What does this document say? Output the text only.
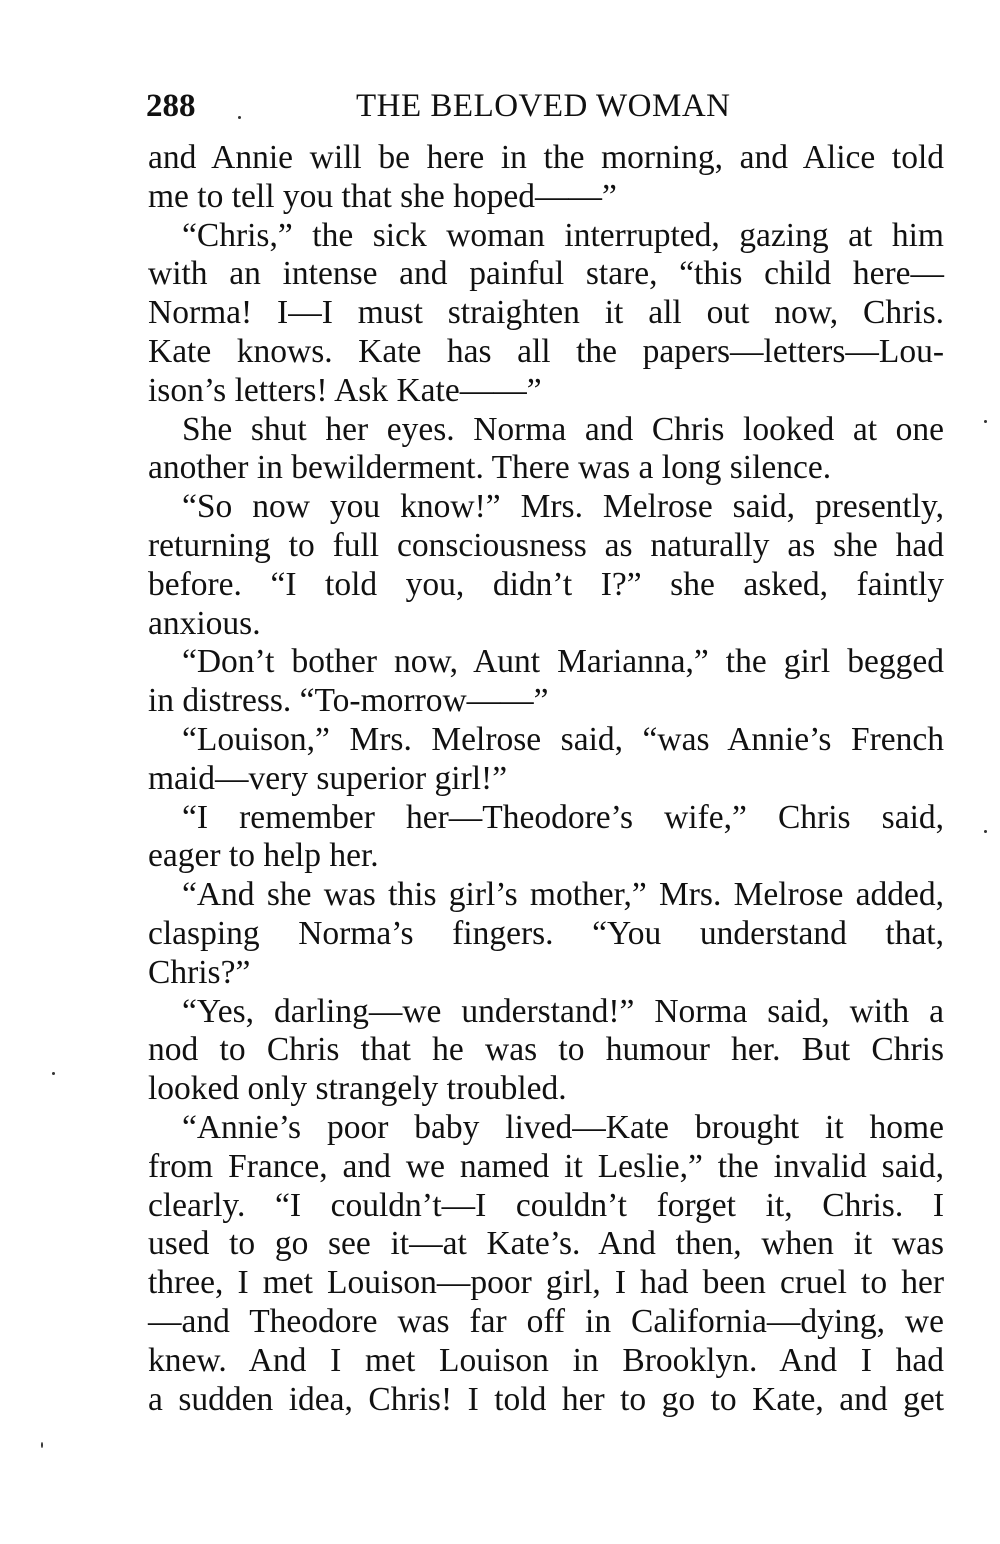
288	THE BELOVED WOMAN
and Annie will be here in the morning, and Alice told
me to tell you that she hoped——”
“Chris,” the sick woman interrupted, gazing at him
with an intense and painful stare, “this child here—
Norma! I—I must straighten it all out now, Chris.
Kate knows. Kate has all the papers—letters—Lou-
ison’s letters! Ask Kate——”
She shut her eyes. Norma and Chris looked at one
another in bewilderment. There was a long silence.
“So now you know!” Mrs. Melrose said, presently,
returning to full consciousness as naturally as she had
before. “I told you, didn’t I?” she asked, faintly
anxious.
“Don’t bother now, Aunt Marianna,” the girl begged
in distress. “To-morrow——”
“Louison,” Mrs. Melrose said, “was Annie’s French
maid—very superior girl!”
“I remember her—Theodore’s wife,” Chris said,
eager to help her.
“And she was this girl’s mother,” Mrs. Melrose added,
clasping Norma’s fingers. “You understand that,
Chris?”
“Yes, darling—we understand!” Norma said, with a
nod to Chris that he was to humour her. But Chris
looked only strangely troubled.
“Annie’s poor baby lived—Kate brought it home
from France, and we named it Leslie,” the invalid said,
clearly. “I couldn’t—I couldn’t forget it, Chris. I
used to go see it—at Kate’s. And then, when it was
three, I met Louison—poor girl, I had been cruel to her
—and Theodore was far off in California—dying, we
knew. And I met Louison in Brooklyn. And I had
a sudden idea, Chris! I told her to go to Kate, and get
